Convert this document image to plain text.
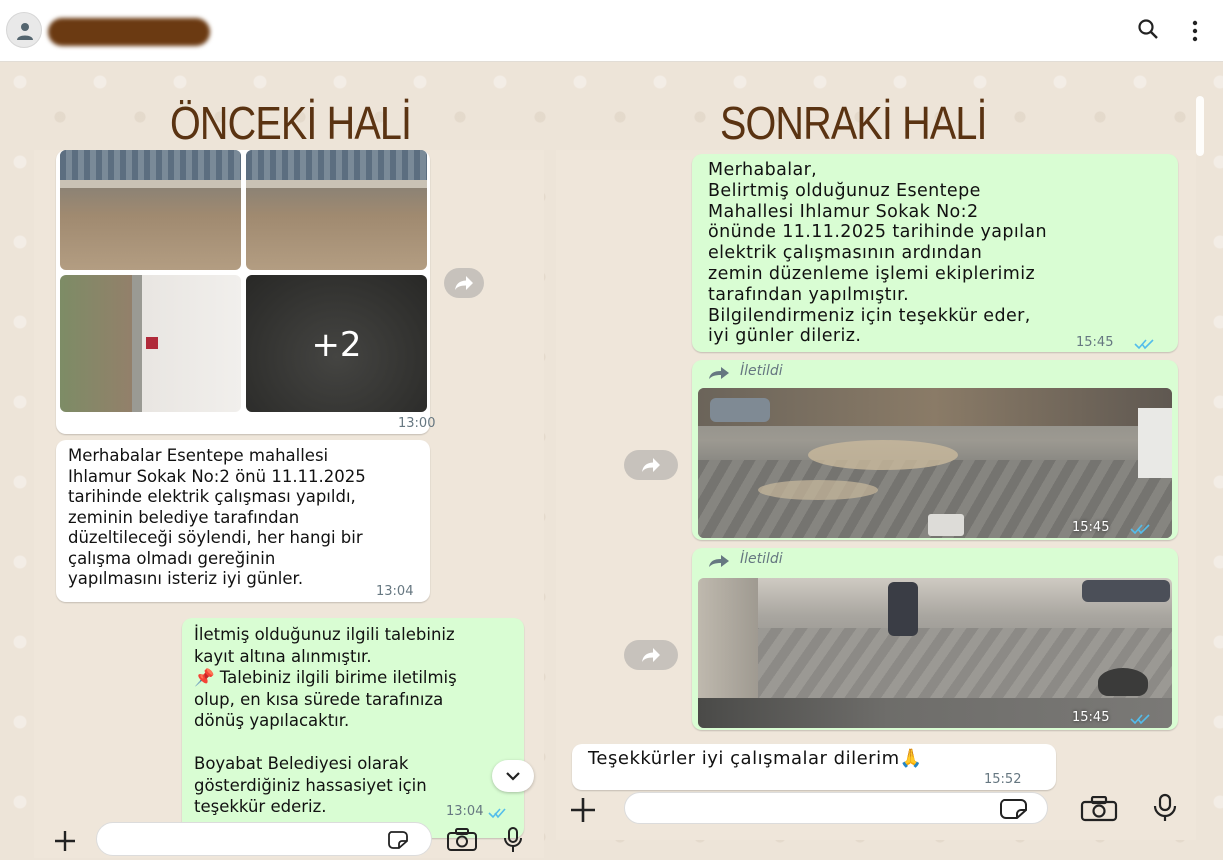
ÖNCEKİ HALİ	SONRAKİ HALİ
+2
13:00
Merhabalar Esentepe mahallesi
Ihlamur Sokak No:2 önü 11.11.2025
tarihinde elektrik çalışması yapıldı,
zeminin belediye tarafından
düzeltileceği söylendi, her hangi bir
çalışma olmadı gereğinin
yapılmasını isteriz iyi günler.
13:04
İletmiş olduğunuz ilgili talebiniz
kayıt altına alınmıştır.
📌 Talebiniz ilgili birime iletilmiş
olup, en kısa sürede tarafınıza
dönüş yapılacaktır.

Boyabat Belediyesi olarak
gösterdiğiniz hassasiyet için
teşekkür ederiz.	13:04
Merhabalar,
Belirtmiş olduğunuz Esentepe
Mahallesi Ihlamur Sokak No:2
önünde 11.11.2025 tarihinde yapılan
elektrik çalışmasının ardından
zemin düzenleme işlemi ekiplerimiz
tarafından yapılmıştır.
Bilgilendirmeniz için teşekkür eder,
iyi günler dileriz.	15:45
İletildi
15:45
İletildi
15:45
Teşekkürler iyi çalışmalar dilerim🙏
15:52
